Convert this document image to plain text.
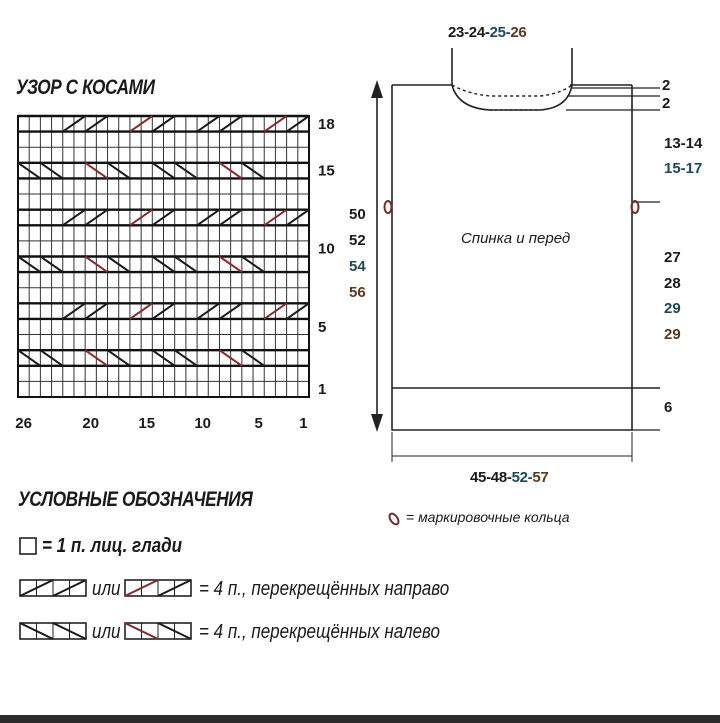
УЗОР С КОСАМИ
18
15
10
5
1
26	20	15	10	5 1
23-24-25-26
2
2
13-14
15-17
50
52
54
56
27
28
29
29
6
45-48-52-57
Спинка и перед
УСЛОВНЫЕ ОБОЗНАЧЕНИЯ
= 1 п. лиц. глади
или	= 4 п., перекрещённых направо
или	= 4 п., перекрещённых налево
= маркировочные кольца
